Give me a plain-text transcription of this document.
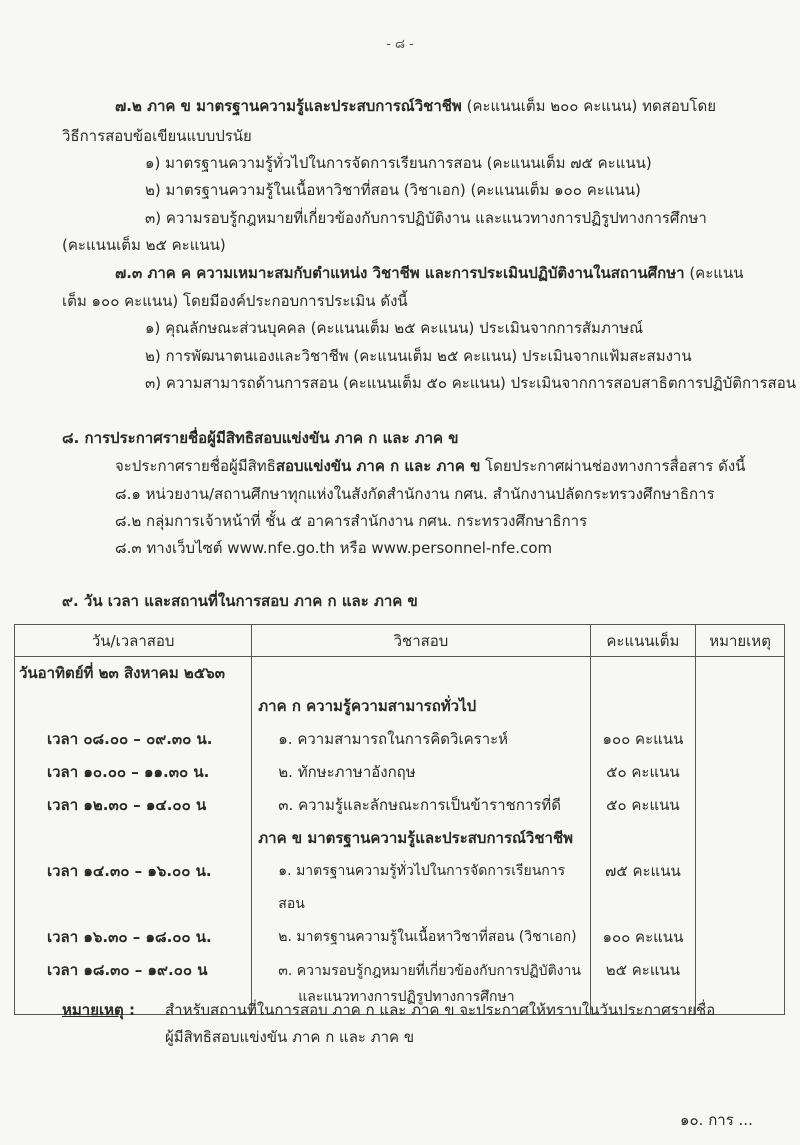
- ๘ -
๗.๒ ภาค ข มาตรฐานความรู้และประสบการณ์วิชาชีพ (คะแนนเต็ม ๒๐๐ คะแนน) ทดสอบโดย
วิธีการสอบข้อเขียนแบบปรนัย
๑) มาตรฐานความรู้ทั่วไปในการจัดการเรียนการสอน (คะแนนเต็ม ๗๕ คะแนน)
๒) มาตรฐานความรู้ในเนื้อหาวิชาที่สอน (วิชาเอก) (คะแนนเต็ม ๑๐๐ คะแนน)
๓) ความรอบรู้กฎหมายที่เกี่ยวข้องกับการปฏิบัติงาน และแนวทางการปฏิรูปทางการศึกษา
(คะแนนเต็ม ๒๕ คะแนน)
๗.๓ ภาค ค ความเหมาะสมกับตำแหน่ง วิชาชีพ และการประเมินปฏิบัติงานในสถานศึกษา (คะแนน
เต็ม ๑๐๐ คะแนน) โดยมีองค์ประกอบการประเมิน ดังนี้
๑) คุณลักษณะส่วนบุคคล (คะแนนเต็ม ๒๕ คะแนน) ประเมินจากการสัมภาษณ์
๒) การพัฒนาตนเองและวิชาชีพ (คะแนนเต็ม ๒๕ คะแนน) ประเมินจากแฟ้มสะสมงาน
๓) ความสามารถด้านการสอน (คะแนนเต็ม ๕๐ คะแนน) ประเมินจากการสอบสาธิตการปฏิบัติการสอน
๘. การประกาศรายชื่อผู้มีสิทธิสอบแข่งขัน ภาค ก และ ภาค ข
จะประกาศรายชื่อผู้มีสิทธิสอบแข่งขัน ภาค ก และ ภาค ข โดยประกาศผ่านช่องทางการสื่อสาร ดังนี้
๘.๑ หน่วยงาน/สถานศึกษาทุกแห่งในสังกัดสำนักงาน กศน. สำนักงานปลัดกระทรวงศึกษาธิการ
๘.๒ กลุ่มการเจ้าหน้าที่ ชั้น ๕ อาคารสำนักงาน กศน. กระทรวงศึกษาธิการ
๘.๓ ทางเว็บไซต์ www.nfe.go.th หรือ www.personnel-nfe.com
๙. วัน เวลา และสถานที่ในการสอบ ภาค ก และ ภาค ข
วัน/เวลาสอบ	วิชาสอบ	คะแนนเต็ม	หมายเหตุ
วันอาทิตย์ที่ ๒๓ สิงหาคม ๒๕๖๓			
	ภาค ก ความรู้ความสามารถทั่วไป		
เวลา ๐๘.๐๐ – ๐๙.๓๐ น.	๑. ความสามารถในการคิดวิเคราะห์	๑๐๐ คะแนน	
เวลา ๑๐.๐๐ – ๑๑.๓๐ น.	๒. ทักษะภาษาอังกฤษ	๕๐ คะแนน	
เวลา ๑๒.๓๐ – ๑๔.๐๐ น	๓. ความรู้และลักษณะการเป็นข้าราชการที่ดี	๕๐ คะแนน	
	ภาค ข มาตรฐานความรู้และประสบการณ์วิชาชีพ		
เวลา ๑๔.๓๐ – ๑๖.๐๐ น.	๑. มาตรฐานความรู้ทั่วไปในการจัดการเรียนการสอน	๗๕ คะแนน	
เวลา ๑๖.๓๐ – ๑๘.๐๐ น.	๒. มาตรฐานความรู้ในเนื้อหาวิชาที่สอน (วิชาเอก)	๑๐๐ คะแนน	
เวลา ๑๘.๓๐ – ๑๙.๐๐ น	๓. ความรอบรู้กฎหมายที่เกี่ยวข้องกับการปฏิบัติงาน
และแนวทางการปฏิรูปทางการศึกษา	๒๕ คะแนน	
หมายเหตุ : สำหรับสถานที่ในการสอบ ภาค ก และ ภาค ข จะประกาศให้ทราบในวันประกาศรายชื่อ
ผู้มีสิทธิสอบแข่งขัน ภาค ก และ ภาค ข
๑๐. การ ...
